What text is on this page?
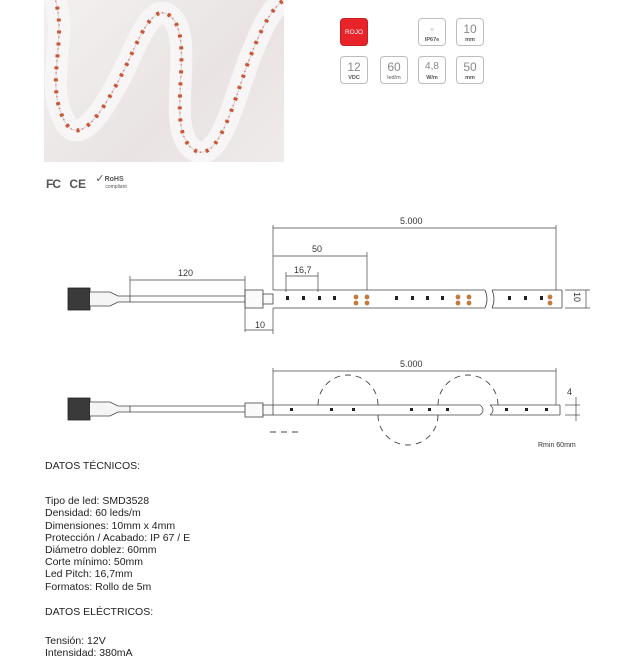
ROJO	▫
IP67e
10
mm
12
VDC
60
led/m
4,8
W/m
50
mm
FC CE ✓RoHS
compliant
5.000
50
16,7
120
10
10
5.000
4
Rmin 60mm
DATOS TÉCNICOS:
Tipo de led: SMD3528
Densidad: 60 leds/m
Dimensiones: 10mm x 4mm
Protección / Acabado: IP 67 / E
Diámetro doblez: 60mm
Corte mínimo: 50mm
Led Pitch: 16,7mm
Formatos: Rollo de 5m
DATOS ELÉCTRICOS:
Tensión: 12V
Intensidad: 380mA
